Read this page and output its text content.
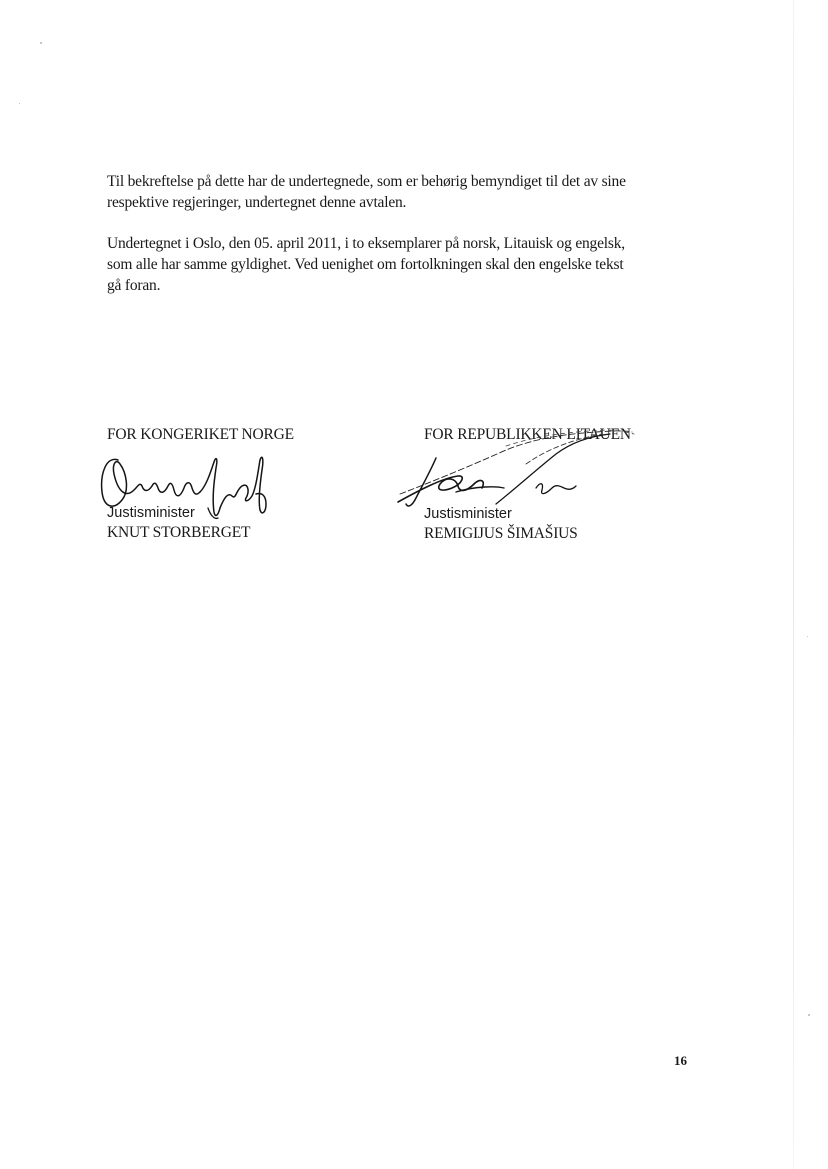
Til bekreftelse på dette har de undertegnede, som er behørig bemyndiget til det av sine
respektive regjeringer, undertegnet denne avtalen.

Undertegnet i Oslo, den 05. april 2011, i to eksemplarer på norsk, Litauisk og engelsk,
som alle har samme gyldighet. Ved uenighet om fortolkningen skal den engelske tekst
gå foran.

FOR KONGERIKET NORGE
Justisminister
KNUT STORBERGET
FOR REPUBLIKKEN LITAUEN
Justisminister
REMIGIJUS ŠIMAŠIUS
16
